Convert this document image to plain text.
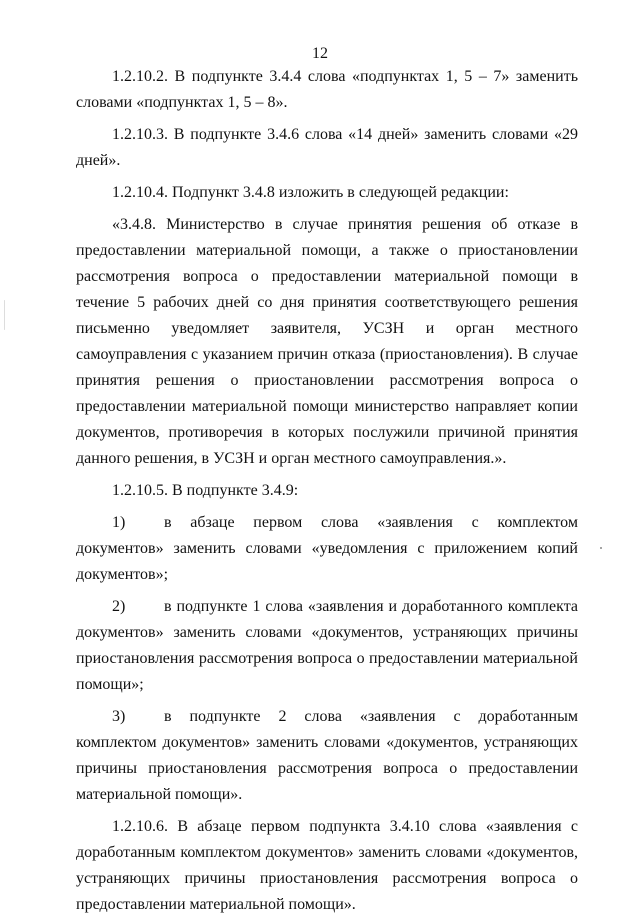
12

1.2.10.2. В подпункте 3.4.4 слова «подпунктах 1, 5 – 7» заменить словами «подпунктах 1, 5 – 8».

1.2.10.3. В подпункте 3.4.6 слова «14 дней» заменить словами «29 дней».

1.2.10.4. Подпункт 3.4.8 изложить в следующей редакции:

«3.4.8. Министерство в случае принятия решения об отказе в предоставлении материальной помощи, а также о приостановлении рассмотрения вопроса о предоставлении материальной помощи в течение 5 рабочих дней со дня принятия соответствующего решения письменно уведомляет заявителя, УСЗН и орган местного самоуправления с указанием причин отказа (приостановления). В случае принятия решения о приостановлении рассмотрения вопроса о предоставлении материальной помощи министерство направляет копии документов, противоречия в которых послужили причиной принятия данного решения, в УСЗН и орган местного самоуправления.».

1.2.10.5. В подпункте 3.4.9:

1) в абзаце первом слова «заявления с комплектом документов» заменить словами «уведомления с приложением копий документов»;

2) в подпункте 1 слова «заявления и доработанного комплекта документов» заменить словами «документов, устраняющих причины приостановления рассмотрения вопроса о предоставлении материальной помощи»;

3) в подпункте 2 слова «заявления с доработанным комплектом документов» заменить словами «документов, устраняющих причины приостановления рассмотрения вопроса о предоставлении материальной помощи».

1.2.10.6. В абзаце первом подпункта 3.4.10 слова «заявления с доработанным комплектом документов» заменить словами «документов, устраняющих причины приостановления рассмотрения вопроса о предоставлении материальной помощи».
